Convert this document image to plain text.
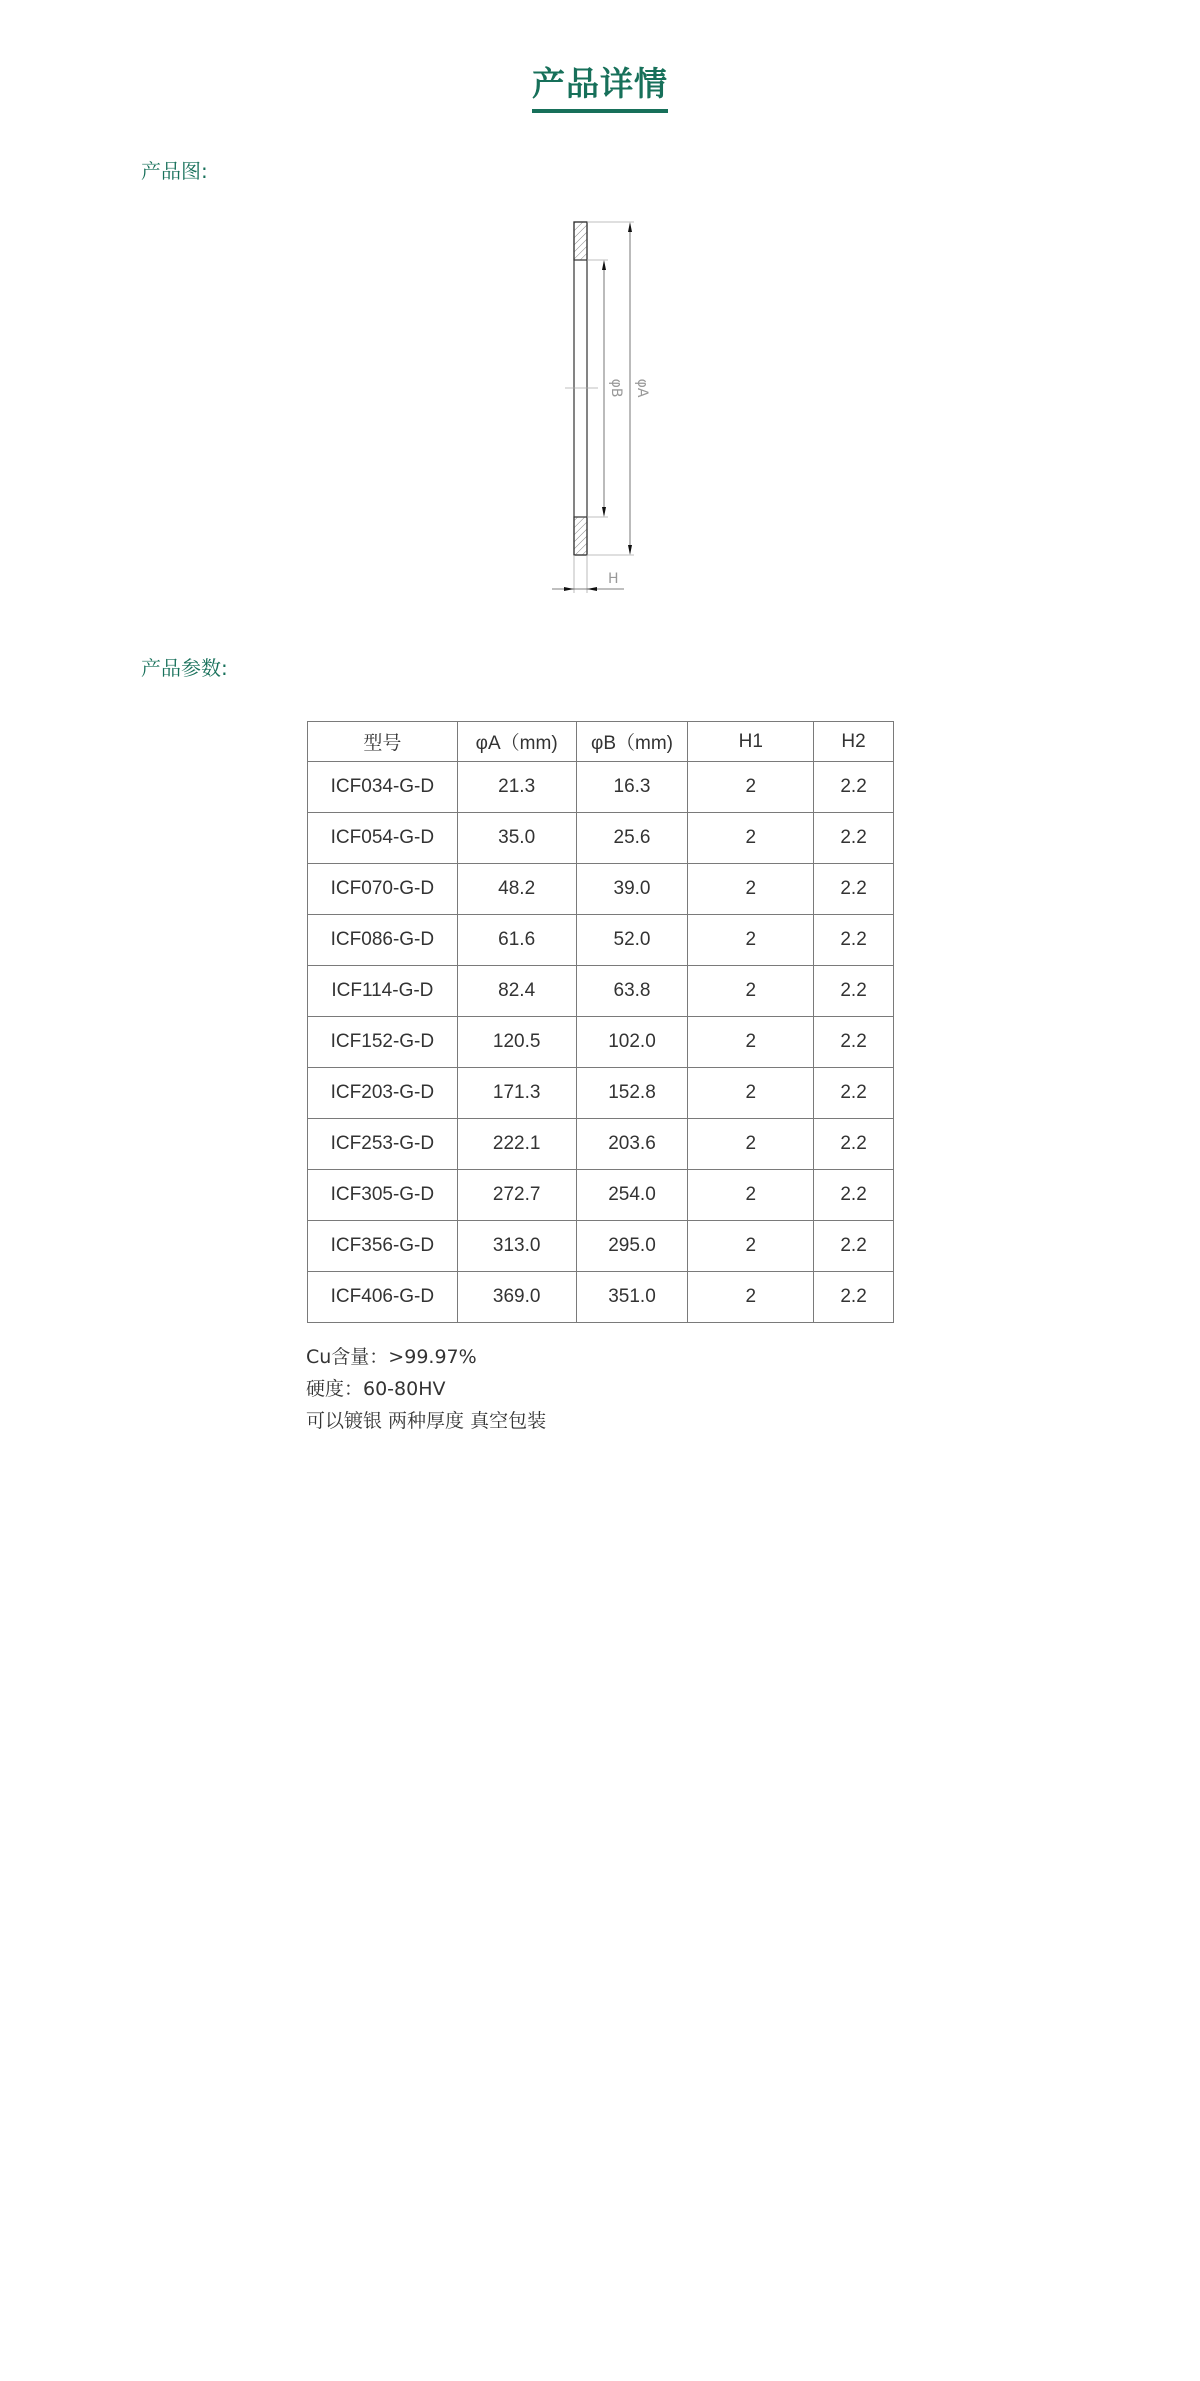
产品详情
产品图:
φA
φB
H
产品参数:
型号	φA（mm)	φB（mm)	H1	H2
ICF034-G-D	21.3	16.3	2	2.2
ICF054-G-D	35.0	25.6	2	2.2
ICF070-G-D	48.2	39.0	2	2.2
ICF086-G-D	61.6	52.0	2	2.2
ICF114-G-D	82.4	63.8	2	2.2
ICF152-G-D	120.5	102.0	2	2.2
ICF203-G-D	171.3	152.8	2	2.2
ICF253-G-D	222.1	203.6	2	2.2
ICF305-G-D	272.7	254.0	2	2.2
ICF356-G-D	313.0	295.0	2	2.2
ICF406-G-D	369.0	351.0	2	2.2
Cu含量：>99.97%
硬度：60-80HV
可以镀银 两种厚度 真空包装
